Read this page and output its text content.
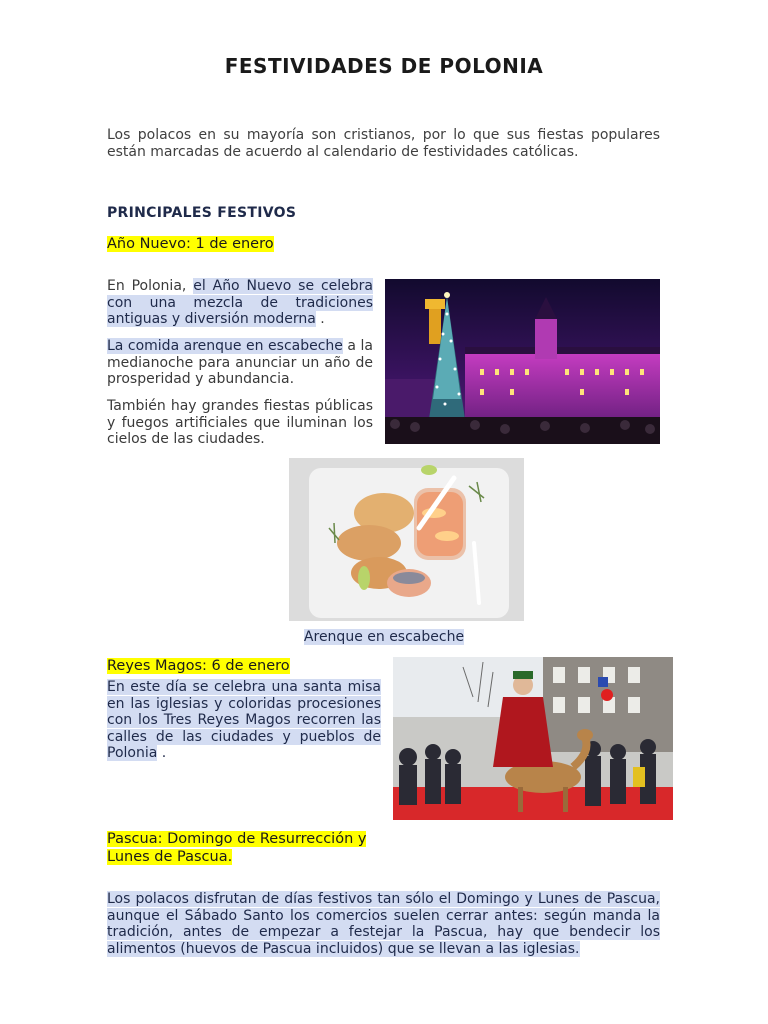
FESTIVIDADES DE POLONIA

Los polacos en su mayoría son cristianos, por lo que sus fiestas populares están marcadas de acuerdo al calendario de festividades católicas.

PRINCIPALES FESTIVOS
Año Nuevo: 1 de enero

En Polonia, el Año Nuevo se celebra con una mezcla de tradiciones antiguas y diversión moderna .

La comida arenque en escabeche a la medianoche para anunciar un año de prosperidad y abundancia.

También hay grandes fiestas públicas y fuegos artificiales que iluminan los cielos de las ciudades.

Arenque en escabeche
Reyes Magos: 6 de enero

En este día se celebra una santa misa en las iglesias y coloridas procesiones con los Tres Reyes Magos recorren las calles de las ciudades y pueblos de Polonia .

Pascua: Domingo de Resurrección y Lunes de Pascua.

Los polacos disfrutan de días festivos tan sólo el Domingo y Lunes de Pascua, aunque el Sábado Santo los comercios suelen cerrar antes: según manda la tradición, antes de empezar a festejar la Pascua, hay que bendecir los alimentos (huevos de Pascua incluidos) que se llevan a las iglesias.
